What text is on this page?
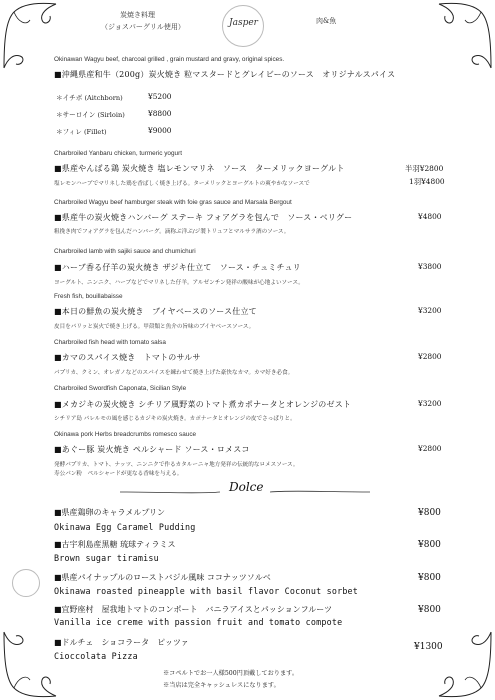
炭焼き料理
（ジョスパーグリル使用）	Jasper	肉&魚
Okinawan Wagyu beef, charcoal grilled , grain mustard and gravy, original spices.
■沖縄県産和牛（200g）炭火焼き 粒マスタードとグレイビーのソース　オリジナルスパイス
＊イチボ (Aitchborn)	¥5200
＊サーロイン (Sirloin)	¥8800
＊フィレ (Fillet)	¥9000
Charbroiled Yanbaru chicken, turmeric yogurt
■県産やんばる鶏 炭火焼き 塩レモンマリネ　ソース　ターメリックヨーグルト
塩レモンハーブでマリネした鶏を香ばしく焼き上げる。ターメリックとヨーグルトの爽やかなソースで
半羽¥2800
1羽¥4800
Charbroiled Wagyu beef hamburger steak with foie gras sauce and Marsala Bergout
■県産牛の炭火焼きハンバーグ ステーキ フォアグラを包んで　ソース・ベリグー
粗挽き肉でフォアグラを包んだハンバーグ。滴称ぶ洋ぶ/ジ製トリュフとマルサラ酒のソース。
¥4800
Charbroiled lamb with sajiki sauce and chumichuri
■ハーブ香る仔羊の炭火焼き ザジキ仕立て　ソース・チュミチュリ
ヨーグルト、ニンニク、ハーブなどでマリネした仔羊。アルゼンチン発祥の酸味が心地よいソース。
¥3800
Fresh fish, bouillabaisse
■本日の鮮魚の炭火焼き　ブイヤベースのソース仕立て
皮目をパリッと炭火で焼き上げる。甲殻類と魚介の旨味のブイヤベースソース。
¥3200
Charbroiled fish head with tomato salsa
■カマのスパイス焼き　トマトのサルサ
パプリカ、クミン、オレガノなどのスパイスを練わせて焼き上げた豪快なカマ。カマ好き必食。
¥2800
Charbroiled Swordfish Caponata, Sicilian Style
■メカジキの炭火焼き シチリア風野菜のトマト煮カポナータとオレンジのゼスト
シチリア島 パレルモの風を感じるカジキの炭火焼き。カポナータとオレンジの皮でさっぱりと。
¥3200
Okinawa pork Herbs breadcrumbs romesco sauce
■あぐー豚 炭火焼き ペルシャード ソース・ロメスコ
発酵パプリカ、トマト、ナッツ、ニンニクで作るカタルーニャ地方発祥の伝統的なロメスソース。
寿公パン粉　ペルシャードが更なる香味を与える。
¥2800
Dolce
■県産鶏卵のキャラメルプリン
Okinawa Egg Caramel Pudding
¥800
■古宇利島産黒糖 琉球ティラミス
Brown sugar tiramisu
¥800
■県産パイナップルのローストバジル風味 ココナッツソルベ
Okinawa roasted pineapple with basil flavor Coconut sorbet
¥800
■宜野座村　屋我地トマトのコンポート　バニラアイスとパッションフルーツ
Vanilla ice creme with passion fruit and tomato compote
¥800
■ドルチェ　ショコラータ　ピッツァ
Cioccolata Pizza
¥1300
※コペルトでお一人様500円頂戴しております。
※当店は完全キャッシュレスになります。
